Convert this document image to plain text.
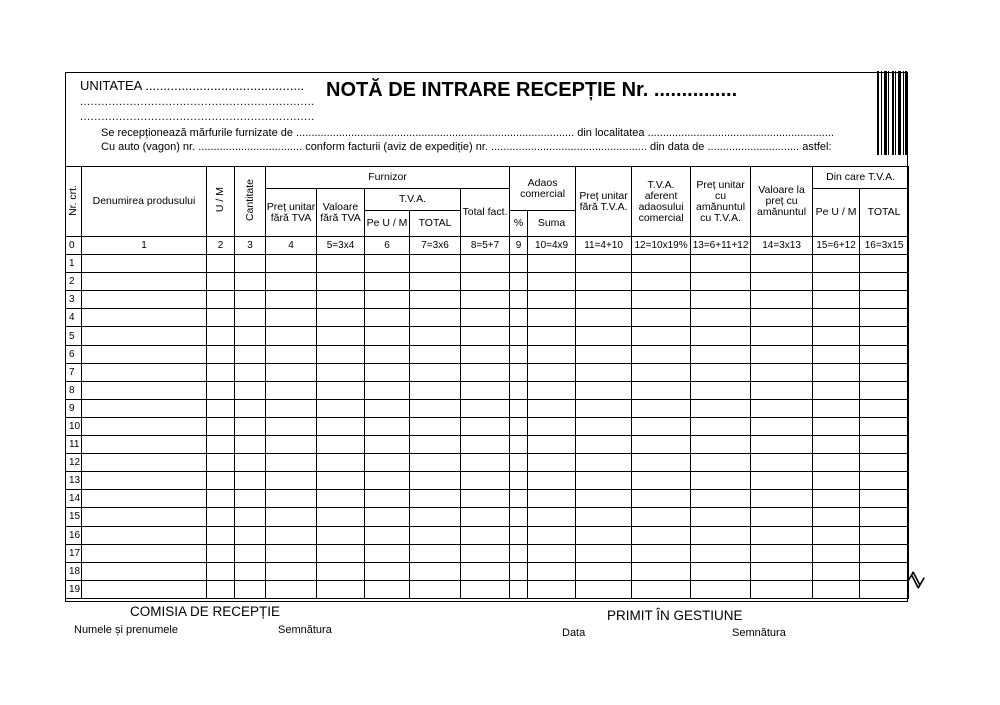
UNITATEA ............................................
..................................................................
..................................................................
NOTĂ DE INTRARE RECEPȚIE Nr. ...............
Se recepționează mărfurile furnizate de ........................................................................................... din localitatea .............................................................
Cu auto (vagon) nr. .................................. conform facturii (aviz de expediție) nr. ................................................... din data de .............................. astfel:
Nr. crt.	Denumirea produsului	U / M	Cantitate	Furnizor					Adaos comercial		Preț unitar fără T.V.A.	T.V.A. aferent adaosului comercial	Preț unitar cu amănuntul cu T.V.A.	Valoare la preț cu amănuntul	Din care T.V.A.	
				Preț unitar fără TVA	Valoare fără TVA	T.V.A.		Total fact.							Pe U / M	TOTAL
						Pe U / M	TOTAL		%	Suma						
0	1	2	3	4	5=3x4	6	7=3x6	8=5+7	9	10=4x9	11=4+10	12=10x19%	13=6+11+12	14=3x13	15=6+12	16=3x15
1																
2																
3																
4																
5																
6																
7																
8																
9																
10																
11																
12																
13																
14																
15																
16																
17																
18																
19																	ℤ
COMISIA DE RECEPȚIE
Numele și prenumele	Semnătura
PRIMIT ÎN GESTIUNE
Data	Semnătura
